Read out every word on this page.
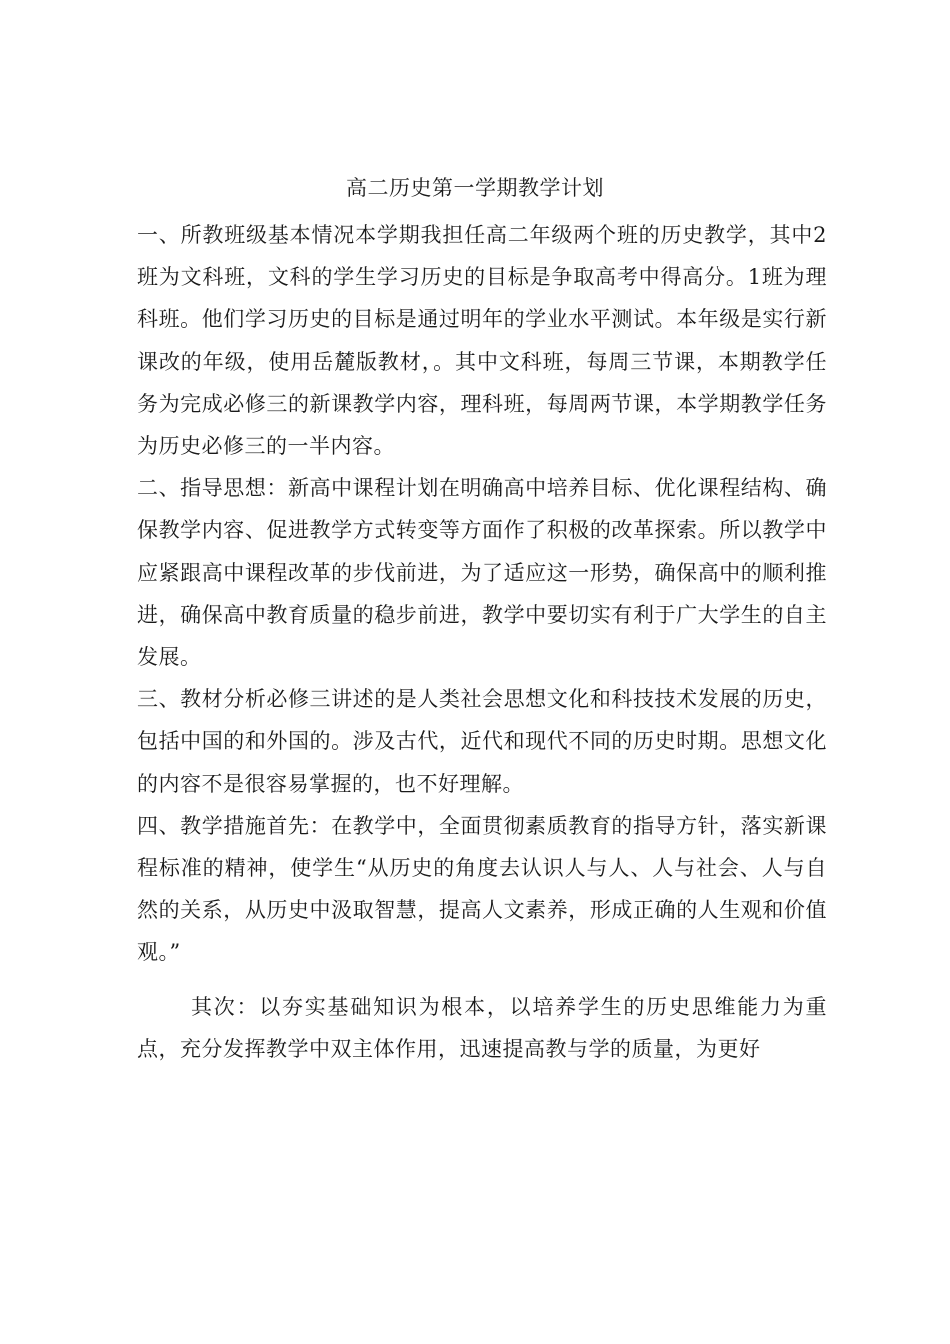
高二历史第一学期教学计划

一、所教班级基本情况本学期我担任高二年级两个班的历史教学，其中2班为文科班，文科的学生学习历史的目标是争取高考中得高分。1班为理科班。他们学习历史的目标是通过明年的学业水平测试。本年级是实行新课改的年级，使用岳麓版教材，。其中文科班，每周三节课，本期教学任务为完成必修三的新课教学内容，理科班，每周两节课，本学期教学任务为历史必修三的一半内容。

二、指导思想：新高中课程计划在明确高中培养目标、优化课程结构、确保教学内容、促进教学方式转变等方面作了积极的改革探索。所以教学中应紧跟高中课程改革的步伐前进，为了适应这一形势，确保高中的顺利推进，确保高中教育质量的稳步前进，教学中要切实有利于广大学生的自主发展。

三、教材分析必修三讲述的是人类社会思想文化和科技技术发展的历史，包括中国的和外国的。涉及古代，近代和现代不同的历史时期。思想文化的内容不是很容易掌握的，也不好理解。

四、教学措施首先：在教学中，全面贯彻素质教育的指导方针，落实新课程标准的精神，使学生“从历史的角度去认识人与人、人与社会、人与自然的关系，从历史中汲取智慧，提高人文素养，形成正确的人生观和价值观。”

其次：以夯实基础知识为根本，以培养学生的历史思维能力为重点，充分发挥教学中双主体作用，迅速提高教与学的质量，为更好
